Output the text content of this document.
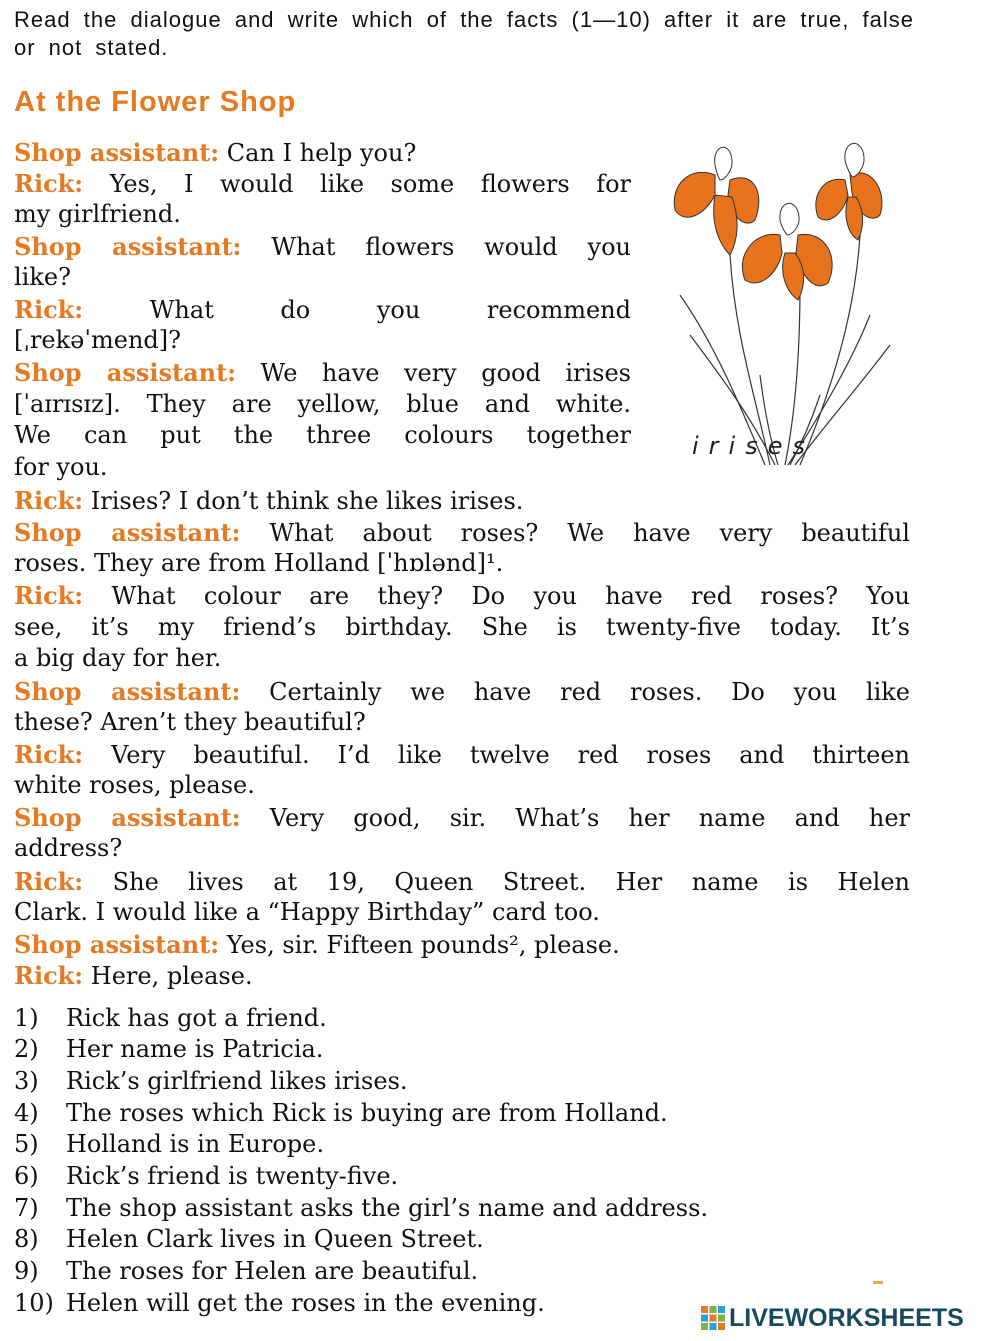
Read the dialogue and write which of the facts (1—10) after it are true, false or not stated.
At the Flower Shop
Shop assistant: Can I help you?
Rick: Yes, I would like some flowers for
my girlfriend.
Shop assistant: What flowers would you
like?
Rick: What do you recommend
[ˌrekəˈmend]?
Shop assistant: We have very good irises
[ˈaɪrɪsɪz]. They are yellow, blue and white.
We can put the three colours together
for you.
Rick: Irises? I don’t think she likes irises.
Shop assistant: What about roses? We have very beautiful
roses. They are from Holland [ˈhɒlənd]¹.
Rick: What colour are they? Do you have red roses? You
see, it’s my friend’s birthday. She is twenty-five today. It’s
a big day for her.
Shop assistant: Certainly we have red roses. Do you like
these? Aren’t they beautiful?
Rick: Very beautiful. I’d like twelve red roses and thirteen
white roses, please.
Shop assistant: Very good, sir. What’s her name and her
address?
Rick: She lives at 19, Queen Street. Her name is Helen
Clark. I would like a “Happy Birthday” card too.
Shop assistant: Yes, sir. Fifteen pounds², please.
Rick: Here, please.
irises
1) Rick has got a friend.
2) Her name is Patricia.
3) Rick’s girlfriend likes irises.
4) The roses which Rick is buying are from Holland.
5) Holland is in Europe.
6) Rick’s friend is twenty-five.
7) The shop assistant asks the girl’s name and address.
8) Helen Clark lives in Queen Street.
9) The roses for Helen are beautiful.
10) Helen will get the roses in the evening.
LIVEWORKSHEETS
